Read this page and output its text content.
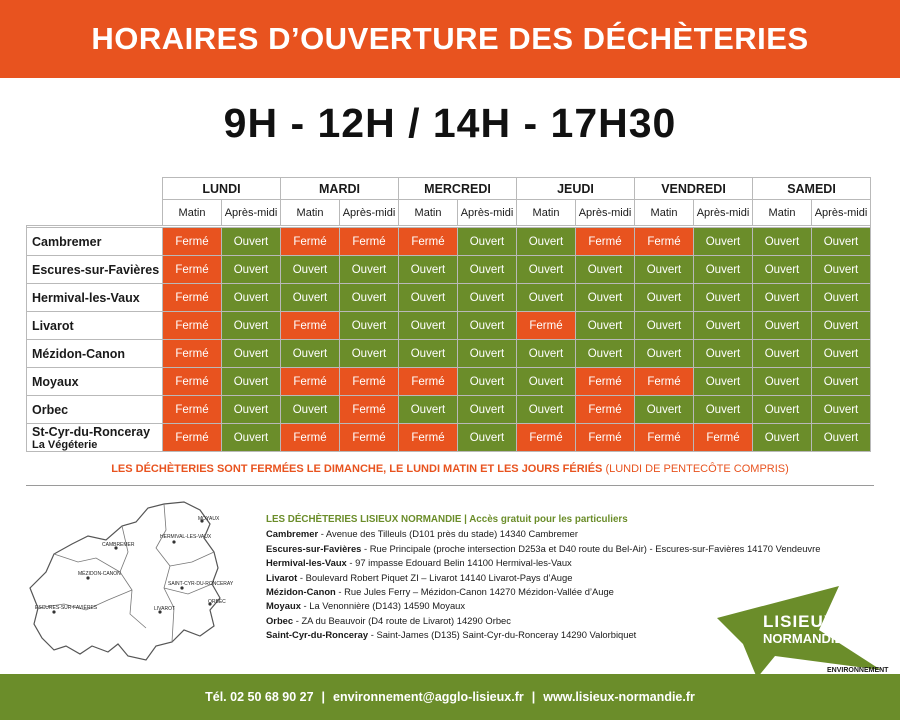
HORAIRES D’OUVERTURE DES DÉCHÈTERIES
9H - 12H / 14H - 17H30
	LUNDI		MARDI		MERCREDI		JEUDI		VENDREDI		SAMEDI	
	Matin	Après-midi	Matin	Après-midi	Matin	Après-midi	Matin	Après-midi	Matin	Après-midi	Matin	Après-midi

Cambremer	Fermé	Ouvert	Fermé	Fermé	Fermé	Ouvert	Ouvert	Fermé	Fermé	Ouvert	Ouvert	Ouvert
Escures-sur-Favières	Fermé	Ouvert	Ouvert	Ouvert	Ouvert	Ouvert	Ouvert	Ouvert	Ouvert	Ouvert	Ouvert	Ouvert
Hermival-les-Vaux	Fermé	Ouvert	Ouvert	Ouvert	Ouvert	Ouvert	Ouvert	Ouvert	Ouvert	Ouvert	Ouvert	Ouvert
Livarot	Fermé	Ouvert	Fermé	Ouvert	Ouvert	Ouvert	Fermé	Ouvert	Ouvert	Ouvert	Ouvert	Ouvert
Mézidon-Canon	Fermé	Ouvert	Ouvert	Ouvert	Ouvert	Ouvert	Ouvert	Ouvert	Ouvert	Ouvert	Ouvert	Ouvert
Moyaux	Fermé	Ouvert	Fermé	Fermé	Fermé	Ouvert	Ouvert	Fermé	Fermé	Ouvert	Ouvert	Ouvert
Orbec	Fermé	Ouvert	Ouvert	Fermé	Ouvert	Ouvert	Ouvert	Fermé	Ouvert	Ouvert	Ouvert	Ouvert
St-Cyr-du-Ronceray
La Végéterie	Fermé	Ouvert	Fermé	Fermé	Fermé	Ouvert	Fermé	Fermé	Fermé	Fermé	Ouvert	Ouvert
LES DÉCHÈTERIES SONT FERMÉES LE DIMANCHE, LE LUNDI MATIN ET LES JOURS FÉRIÉS (LUNDI DE PENTECÔTE COMPRIS)
MOYAUX
CAMBREMER
HERMIVAL-LES-VAUX
MÉZIDON-CANON
SAINT-CYR-DU-RONCERAY
ESCURES-SUR-FAVIÈRES	LIVAROT
ORBEC
LES DÉCHÈTERIES LISIEUX NORMANDIE | Accès gratuit pour les particuliers
Cambremer - Avenue des Tilleuls (D101 près du stade) 14340 Cambremer
Escures-sur-Favières - Rue Principale (proche intersection D253a et D40 route du Bel-Air) - Escures-sur-Favières 14170 Vendeuvre
Hermival-les-Vaux - 97 impasse Edouard Belin 14100 Hermival-les-Vaux
Livarot - Boulevard Robert Piquet ZI – Livarot 14140 Livarot-Pays d’Auge
Mézidon-Canon - Rue Jules Ferry – Mézidon-Canon 14270 Mézidon-Vallée d’Auge
Moyaux - La Venonnière (D143) 14590 Moyaux
Orbec - ZA du Beauvoir (D4 route de Livarot) 14290 Orbec
Saint-Cyr-du-Ronceray - Saint-James (D135) Saint-Cyr-du-Ronceray 14290 Valorbiquet
LISIEUX
NORMANDIE
ENVIRONNEMENT
Tél. 02 50 68 90 27 | environnement@agglo-lisieux.fr | www.lisieux-normandie.fr
